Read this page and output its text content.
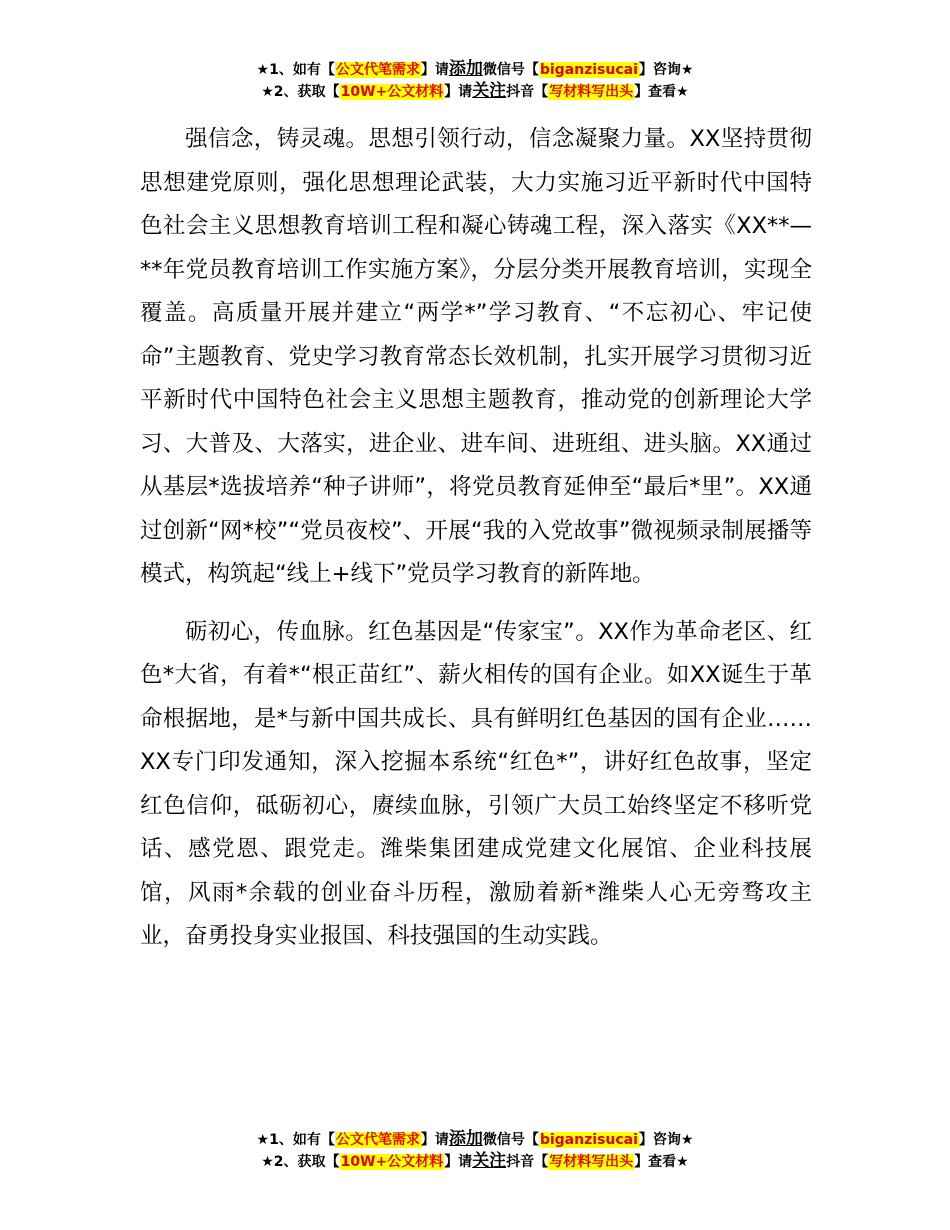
★1、如有【公文代笔需求】请添加微信号【biganzisucai】咨询★
★2、获取【10W+公文材料】请关注抖音【写材料写出头】查看★

强信念，铸灵魂。思想引领行动，信念凝聚力量。XX坚持贯彻思想建党原则，强化思想理论武装，大力实施习近平新时代中国特色社会主义思想教育培训工程和凝心铸魂工程，深入落实《XX**—**年党员教育培训工作实施方案》，分层分类开展教育培训，实现全覆盖。高质量开展并建立“两学*”学习教育、“不忘初心、牢记使命”主题教育、党史学习教育常态长效机制，扎实开展学习贯彻习近平新时代中国特色社会主义思想主题教育，推动党的创新理论大学习、大普及、大落实，进企业、进车间、进班组、进头脑。XX通过从基层*选拔培养“种子讲师”，将党员教育延伸至“最后*里”。XX通过创新“网*校”“党员夜校”、开展“我的入党故事”微视频录制展播等模式，构筑起“线上+线下”党员学习教育的新阵地。

砺初心，传血脉。红色基因是“传家宝”。XX作为革命老区、红色*大省，有着*“根正苗红”、薪火相传的国有企业。如XX诞生于革命根据地，是*与新中国共成长、具有鲜明红色基因的国有企业……XX专门印发通知，深入挖掘本系统“红色*”，讲好红色故事，坚定红色信仰，砥砺初心，赓续血脉，引领广大员工始终坚定不移听党话、感党恩、跟党走。潍柴集团建成党建文化展馆、企业科技展馆，风雨*余载的创业奋斗历程，激励着新*潍柴人心无旁骛攻主业，奋勇投身实业报国、科技强国的生动实践。

★1、如有【公文代笔需求】请添加微信号【biganzisucai】咨询★
★2、获取【10W+公文材料】请关注抖音【写材料写出头】查看★
